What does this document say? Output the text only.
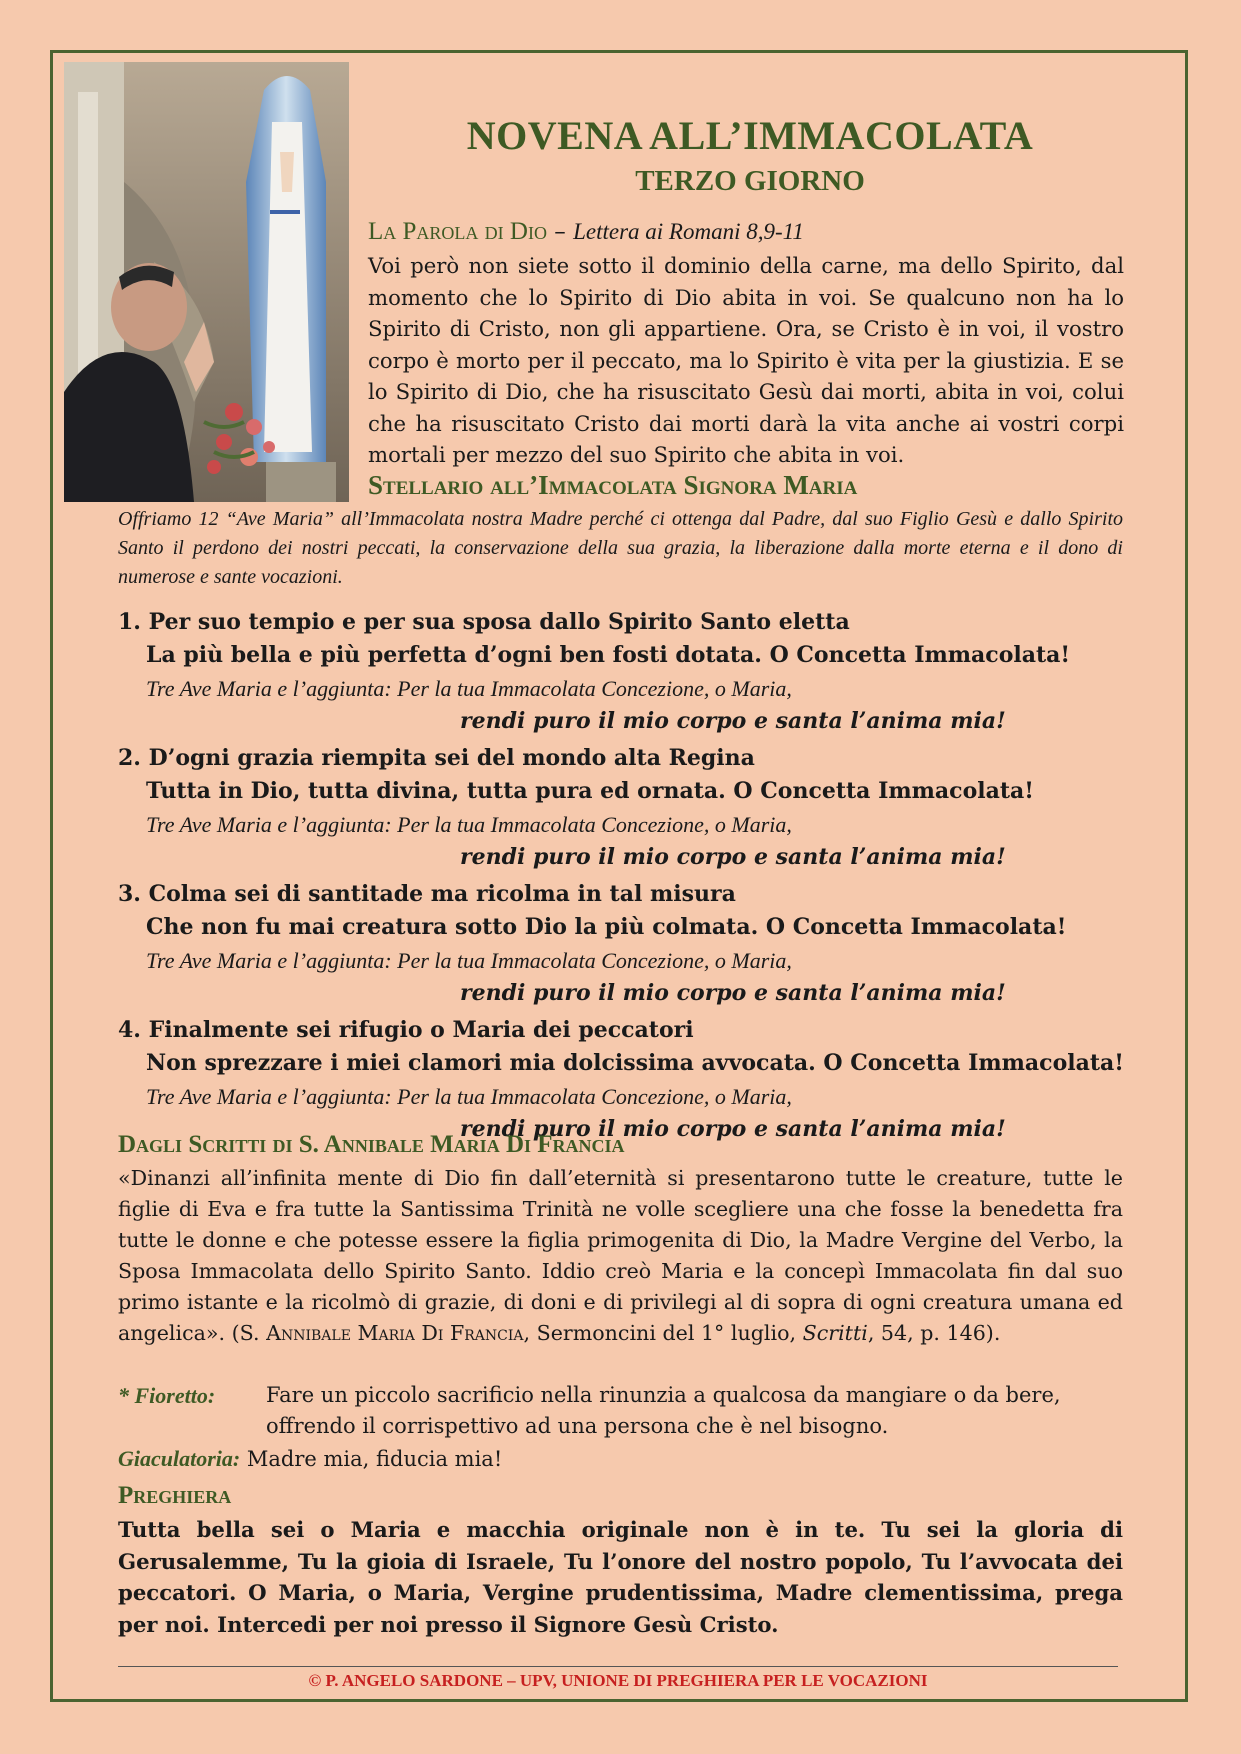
NOVENA ALL’IMMACOLATA
TERZO GIORNO
La Parola di Dio – Lettera ai Romani 8,9-11
Voi però non siete sotto il dominio della carne, ma dello Spirito, dal momento che lo Spirito di Dio abita in voi. Se qualcuno non ha lo Spirito di Cristo, non gli appartiene. Ora, se Cristo è in voi, il vostro corpo è morto per il peccato, ma lo Spirito è vita per la giustizia. E se lo Spirito di Dio, che ha risuscitato Gesù dai morti, abita in voi, colui che ha risuscitato Cristo dai morti darà la vita anche ai vostri corpi mortali per mezzo del suo Spirito che abita in voi.
Stellario all’Immacolata Signora Maria
Offriamo 12 “Ave Maria” all’Immacolata nostra Madre perché ci ottenga dal Padre, dal suo Figlio Gesù e dallo Spirito Santo il perdono dei nostri peccati, la conservazione della sua grazia, la liberazione dalla morte eterna e il dono di numerose e sante vocazioni.
1. Per suo tempio e per sua sposa dallo Spirito Santo eletta
La più bella e più perfetta d’ogni ben fosti dotata. O Concetta Immacolata!
Tre Ave Maria e l’aggiunta: Per la tua Immacolata Concezione, o Maria,
rendi puro il mio corpo e santa l’anima mia!
2. D’ogni grazia riempita sei del mondo alta Regina
Tutta in Dio, tutta divina, tutta pura ed ornata. O Concetta Immacolata!
Tre Ave Maria e l’aggiunta: Per la tua Immacolata Concezione, o Maria,
rendi puro il mio corpo e santa l’anima mia!
3. Colma sei di santitade ma ricolma in tal misura
Che non fu mai creatura sotto Dio la più colmata. O Concetta Immacolata!
Tre Ave Maria e l’aggiunta: Per la tua Immacolata Concezione, o Maria,
rendi puro il mio corpo e santa l’anima mia!
4. Finalmente sei rifugio o Maria dei peccatori
Non sprezzare i miei clamori mia dolcissima avvocata. O Concetta Immacolata!
Tre Ave Maria e l’aggiunta: Per la tua Immacolata Concezione, o Maria,
rendi puro il mio corpo e santa l’anima mia!
Dagli Scritti di S. Annibale Maria Di Francia
«Dinanzi all’infinita mente di Dio fin dall’eternità si presentarono tutte le creature, tutte le figlie di Eva e fra tutte la Santissima Trinità ne volle scegliere una che fosse la benedetta fra tutte le donne e che potesse essere la figlia primogenita di Dio, la Madre Vergine del Verbo, la Sposa Immacolata dello Spirito Santo. Iddio creò Maria e la concepì Immacolata fin dal suo primo istante e la ricolmò di grazie, di doni e di privilegi al di sopra di ogni creatura umana ed angelica». (S. Annibale Maria Di Francia, Sermoncini del 1° luglio, Scritti, 54, p. 146).
* Fioretto: Fare un piccolo sacrificio nella rinunzia a qualcosa da mangiare o da bere, offrendo il corrispettivo ad una persona che è nel bisogno.
Giaculatoria: Madre mia, fiducia mia!
Preghiera
Tutta bella sei o Maria e macchia originale non è in te. Tu sei la gloria di Gerusalemme, Tu la gioia di Israele, Tu l’onore del nostro popolo, Tu l’avvocata dei peccatori. O Maria, o Maria, Vergine prudentissima, Madre clementissima, prega per noi. Intercedi per noi presso il Signore Gesù Cristo.
© P. ANGELO SARDONE – UPV, UNIONE DI PREGHIERA PER LE VOCAZIONI
